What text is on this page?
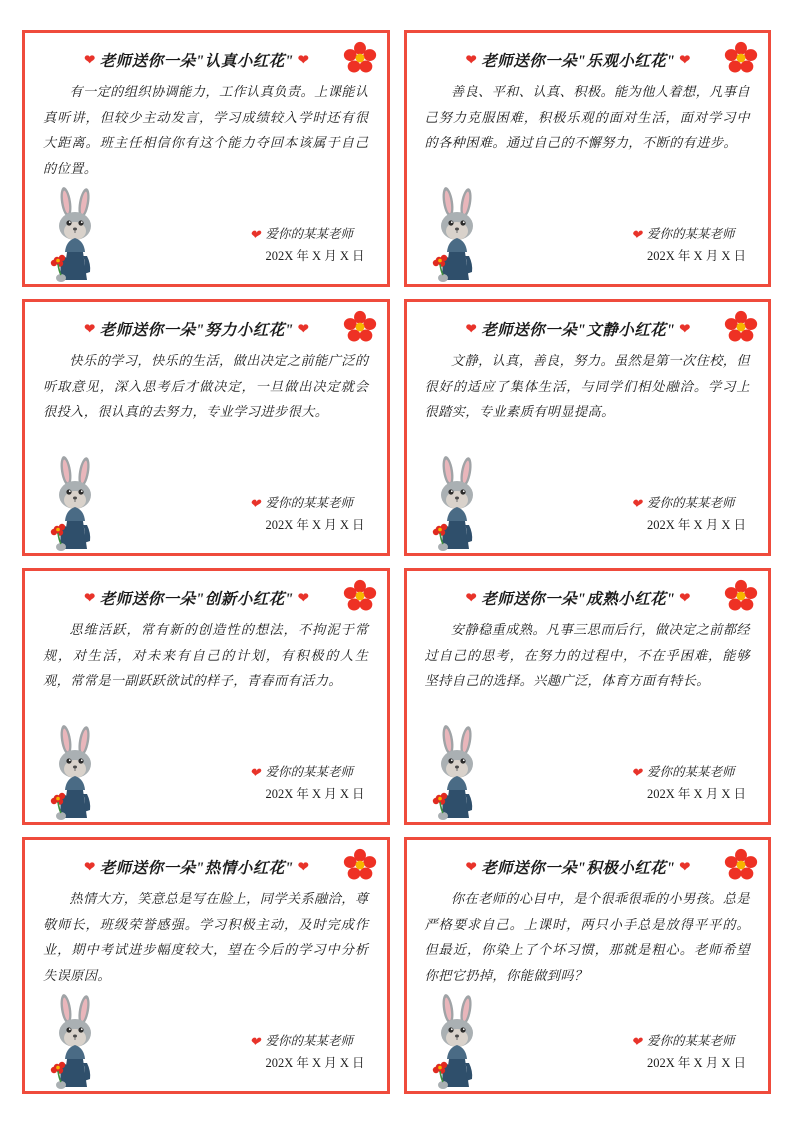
❤ 老师送你一朵"认真小红花" ❤
有一定的组织协调能力，工作认真负责。上课能认真听讲，但较少主动发言，学习成绩较入学时还有很大距离。班主任相信你有这个能力夺回本该属于自己的位置。
❤ 爱你的某某老师
202X 年 X 月 X 日
❤ 老师送你一朵"乐观小红花" ❤
善良、平和、认真、积极。能为他人着想，凡事自己努力克服困难，积极乐观的面对生活，面对学习中的各种困难。通过自己的不懈努力，不断的有进步。
❤ 爱你的某某老师
202X 年 X 月 X 日
❤ 老师送你一朵"努力小红花" ❤
快乐的学习，快乐的生活，做出决定之前能广泛的听取意见，深入思考后才做决定，一旦做出决定就会很投入，很认真的去努力，专业学习进步很大。
❤ 爱你的某某老师
202X 年 X 月 X 日
❤ 老师送你一朵"文静小红花" ❤
文静，认真，善良，努力。虽然是第一次住校，但很好的适应了集体生活，与同学们相处融洽。学习上很踏实，专业素质有明显提高。
❤ 爱你的某某老师
202X 年 X 月 X 日
❤ 老师送你一朵"创新小红花" ❤
思维活跃，常有新的创造性的想法，不拘泥于常规，对生活，对未来有自己的计划，有积极的人生观，常常是一副跃跃欲试的样子，青春而有活力。
❤ 爱你的某某老师
202X 年 X 月 X 日
❤ 老师送你一朵"成熟小红花" ❤
安静稳重成熟。凡事三思而后行，做决定之前都经过自己的思考，在努力的过程中，不在乎困难，能够坚持自己的选择。兴趣广泛，体育方面有特长。
❤ 爱你的某某老师
202X 年 X 月 X 日
❤ 老师送你一朵"热情小红花" ❤
热情大方，笑意总是写在脸上，同学关系融洽，尊敬师长，班级荣誉感强。学习积极主动，及时完成作业，期中考试进步幅度较大，望在今后的学习中分析失误原因。
❤ 爱你的某某老师
202X 年 X 月 X 日
❤ 老师送你一朵"积极小红花" ❤
你在老师的心目中，是个很乖很乖的小男孩。总是严格要求自己。上课时，两只小手总是放得平平的。但最近，你染上了个坏习惯，那就是粗心。老师希望你把它扔掉，你能做到吗？
❤ 爱你的某某老师
202X 年 X 月 X 日
